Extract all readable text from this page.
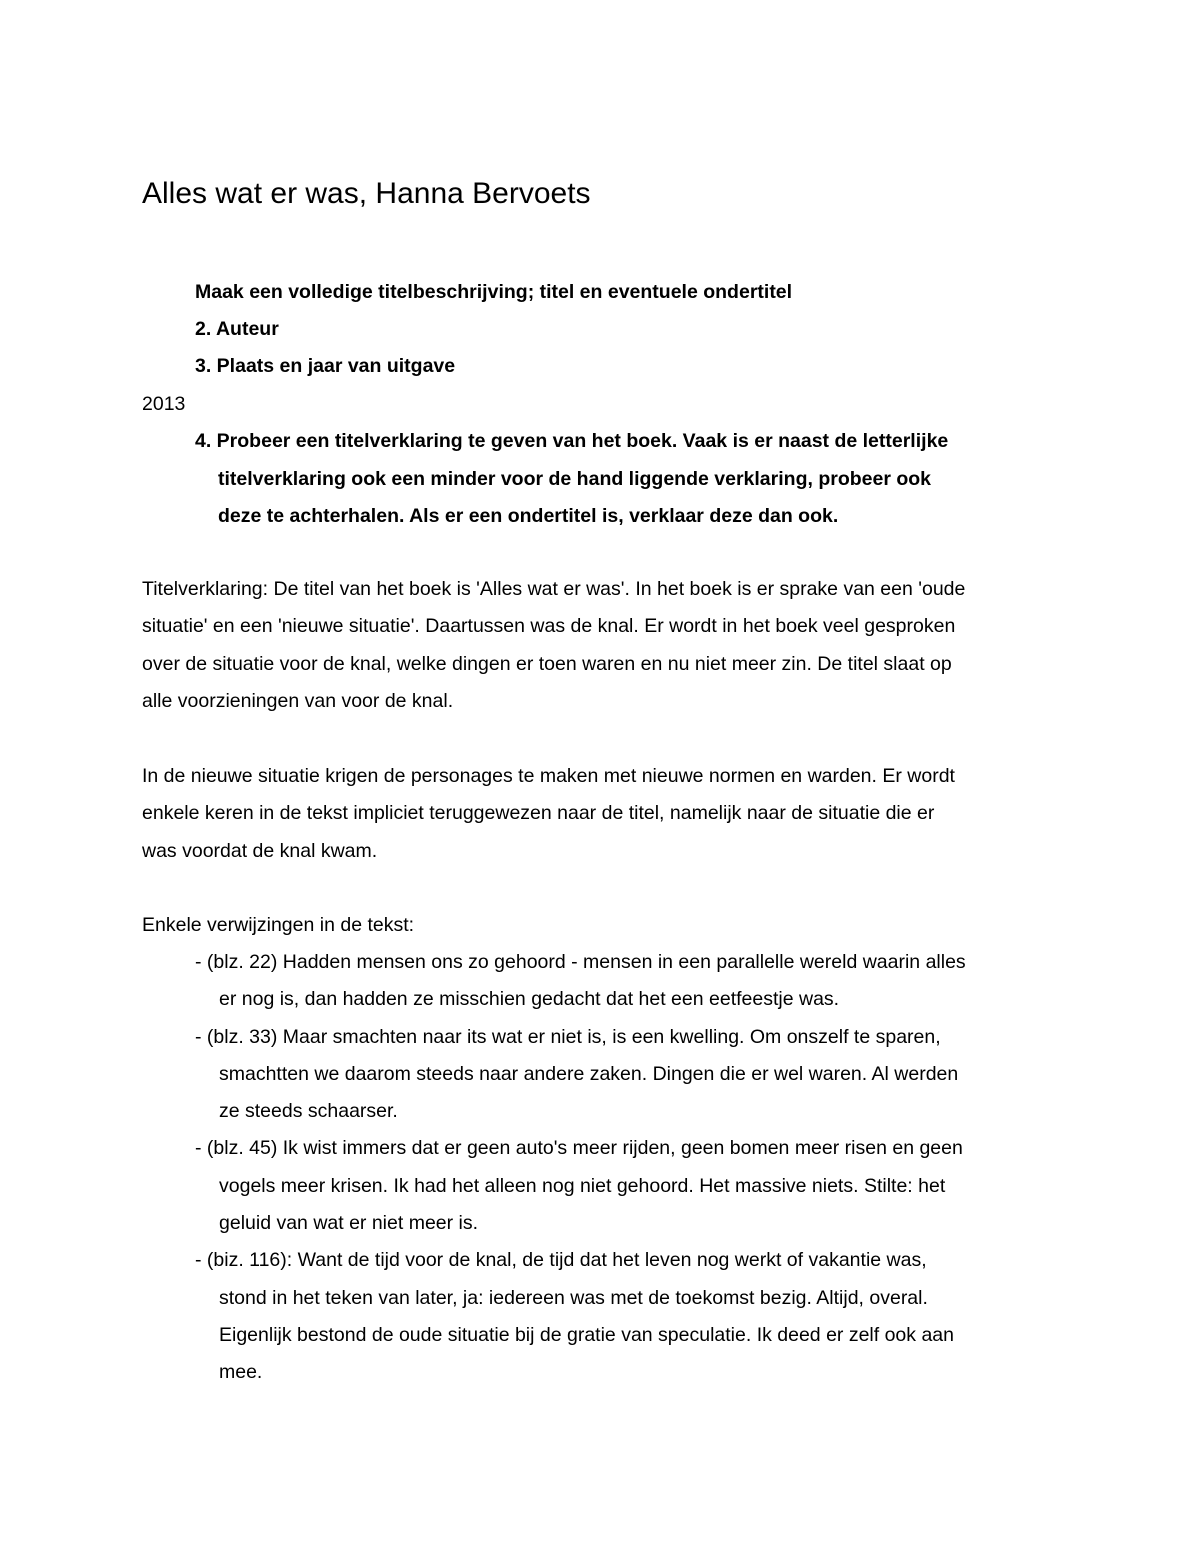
Alles wat er was, Hanna Bervoets

Maak een volledige titelbeschrijving; titel en eventuele ondertitel

2. Auteur

3. Plaats en jaar van uitgave

2013
4. Probeer een titelverklaring te geven van het boek. Vaak is er naast de letterlijke
titelverklaring ook een minder voor de hand liggende verklaring, probeer ook
deze te achterhalen. Als er een ondertitel is, verklaar deze dan ook.
Titelverklaring: De titel van het boek is 'Alles wat er was'. In het boek is er sprake van een 'oude
situatie' en een 'nieuwe situatie'. Daartussen was de knal. Er wordt in het boek veel gesproken
over de situatie voor de knal, welke dingen er toen waren en nu niet meer zin. De titel slaat op
alle voorzieningen van voor de knal.
In de nieuwe situatie krigen de personages te maken met nieuwe normen en warden. Er wordt
enkele keren in de tekst impliciet teruggewezen naar de titel, namelijk naar de situatie die er
was voordat de knal kwam.
Enkele verwijzingen in de tekst:
- (blz. 22) Hadden mensen ons zo gehoord - mensen in een parallelle wereld waarin alles
er nog is, dan hadden ze misschien gedacht dat het een eetfeestje was.
- (blz. 33) Maar smachten naar its wat er niet is, is een kwelling. Om onszelf te sparen,
smachtten we daarom steeds naar andere zaken. Dingen die er wel waren. Al werden
ze steeds schaarser.
- (blz. 45) Ik wist immers dat er geen auto's meer rijden, geen bomen meer risen en geen
vogels meer krisen. Ik had het alleen nog niet gehoord. Het massive niets. Stilte: het
geluid van wat er niet meer is.
- (biz. 116): Want de tijd voor de knal, de tijd dat het leven nog werkt of vakantie was,
stond in het teken van later, ja: iedereen was met de toekomst bezig. Altijd, overal.
Eigenlijk bestond de oude situatie bij de gratie van speculatie. Ik deed er zelf ook aan
mee.
